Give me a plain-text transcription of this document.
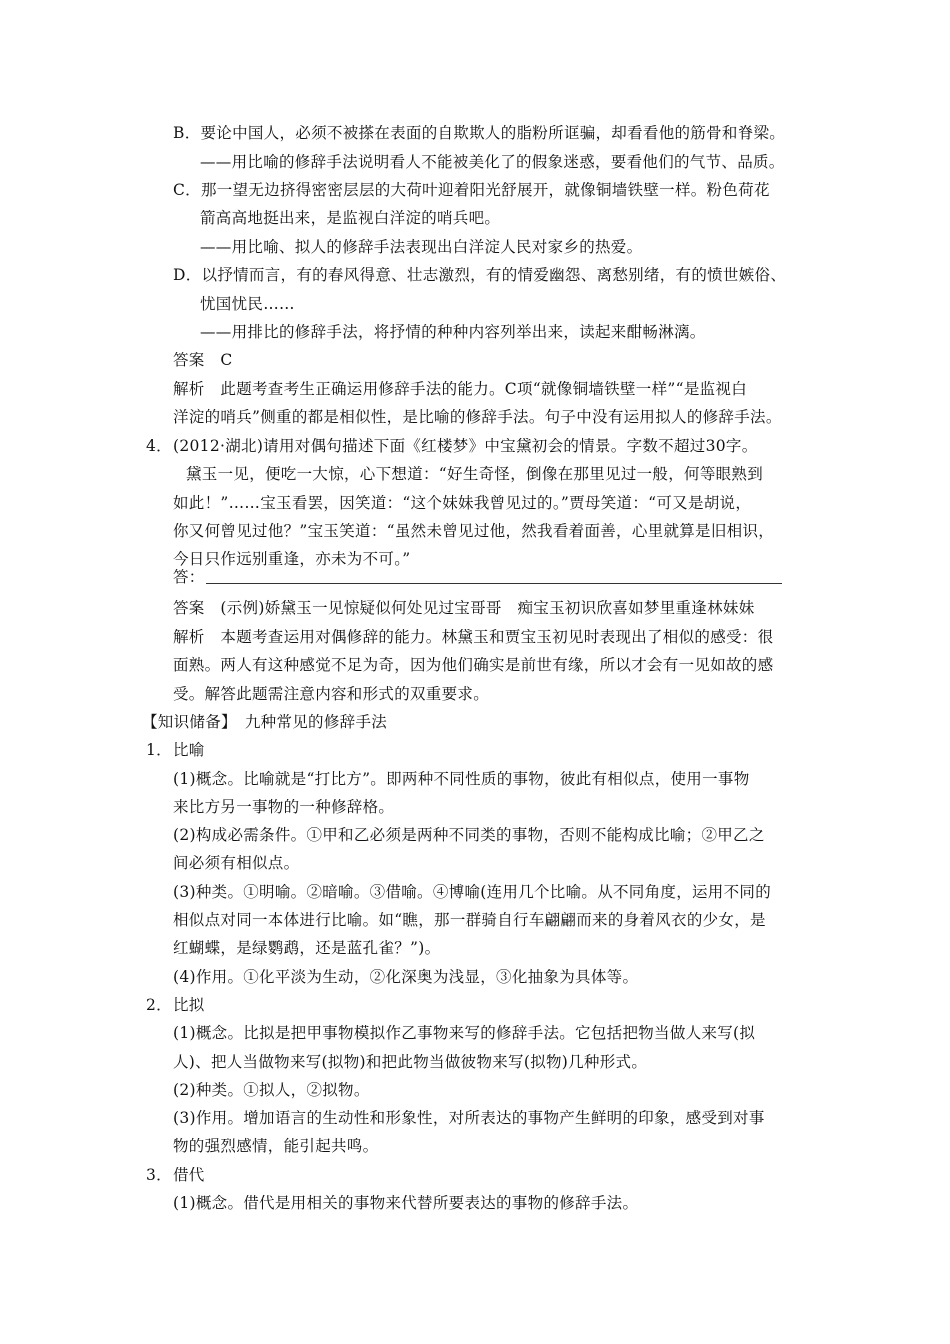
B．要论中国人，必须不被搽在表面的自欺欺人的脂粉所诓骗，却看看他的筋骨和脊梁。
——用比喻的修辞手法说明看人不能被美化了的假象迷惑，要看他们的气节、品质。
C．那一望无边挤得密密层层的大荷叶迎着阳光舒展开，就像铜墙铁壁一样。粉色荷花
箭高高地挺出来，是监视白洋淀的哨兵吧。
——用比喻、拟人的修辞手法表现出白洋淀人民对家乡的热爱。
D．以抒情而言，有的春风得意、壮志激烈，有的情爱幽怨、离愁别绪，有的愤世嫉俗、
忧国忧民……
——用排比的修辞手法，将抒情的种种内容列举出来，读起来酣畅淋漓。
答案　C
解析　此题考查考生正确运用修辞手法的能力。C项“就像铜墙铁壁一样”“是监视白
洋淀的哨兵”侧重的都是相似性，是比喻的修辞手法。句子中没有运用拟人的修辞手法。
4． (2012·湖北)请用对偶句描述下面《红楼梦》中宝黛初会的情景。字数不超过30字。
黛玉一见，便吃一大惊，心下想道：“好生奇怪，倒像在那里见过一般，何等眼熟到
如此！”……宝玉看罢，因笑道：“这个妹妹我曾见过的。”贾母笑道：“可又是胡说，
你又何曾见过他？”宝玉笑道：“虽然未曾见过他，然我看着面善，心里就算是旧相识，
今日只作远别重逢，亦未为不可。”
答：
答案　(示例)娇黛玉一见惊疑似何处见过宝哥哥　痴宝玉初识欣喜如梦里重逢林妹妹
解析　本题考查运用对偶修辞的能力。林黛玉和贾宝玉初见时表现出了相似的感受：很
面熟。两人有这种感觉不足为奇，因为他们确实是前世有缘，所以才会有一见如故的感
受。解答此题需注意内容和形式的双重要求。
【知识储备】　九种常见的修辞手法
1． 比喻
(1)概念。比喻就是“打比方”。即两种不同性质的事物，彼此有相似点，使用一事物
来比方另一事物的一种修辞格。
(2)构成必需条件。①甲和乙必须是两种不同类的事物，否则不能构成比喻；②甲乙之
间必须有相似点。
(3)种类。①明喻。②暗喻。③借喻。④博喻(连用几个比喻。从不同角度，运用不同的
相似点对同一本体进行比喻。如“瞧，那一群骑自行车翩翩而来的身着风衣的少女，是
红蝴蝶，是绿鹦鹉，还是蓝孔雀？”)。
(4)作用。①化平淡为生动，②化深奥为浅显，③化抽象为具体等。
2． 比拟
(1)概念。比拟是把甲事物模拟作乙事物来写的修辞手法。它包括把物当做人来写(拟
人)、把人当做物来写(拟物)和把此物当做彼物来写(拟物)几种形式。
(2)种类。①拟人，②拟物。
(3)作用。增加语言的生动性和形象性，对所表达的事物产生鲜明的印象，感受到对事
物的强烈感情，能引起共鸣。
3． 借代
(1)概念。借代是用相关的事物来代替所要表达的事物的修辞手法。
